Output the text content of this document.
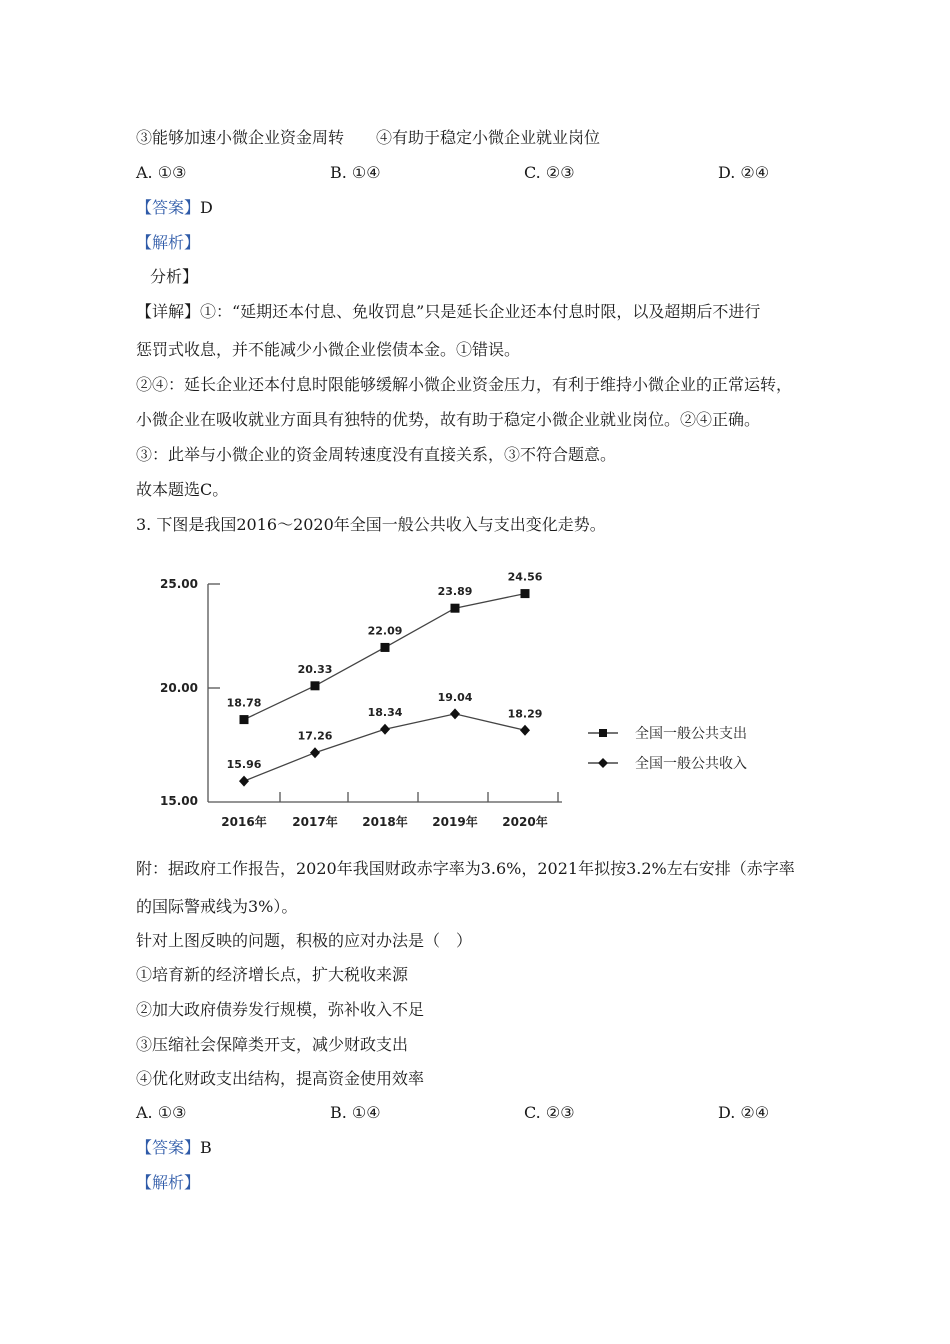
③能够加速小微企业资金周转　　④有助于稳定小微企业就业岗位
A. ①③	B. ①④	C. ②③	D. ②④
【答案】D
【解析】
分析】
【详解】①：“延期还本付息、免收罚息”只是延长企业还本付息时限，以及超期后不进行
惩罚式收息，并不能减少小微企业偿债本金。①错误。
②④：延长企业还本付息时限能够缓解小微企业资金压力，有利于维持小微企业的正常运转，
小微企业在吸收就业方面具有独特的优势，故有助于稳定小微企业就业岗位。②④正确。
③：此举与小微企业的资金周转速度没有直接关系，③不符合题意。
故本题选C。
3. 下图是我国2016～2020年全国一般公共收入与支出变化走势。
25.00
20.00
15.00
2016年 2017年 2018年 2019年 2020年
18.78
20.33
22.09
23.89
24.56
15.96
17.26
18.34
19.04
18.29
全国一般公共支出
全国一般公共收入
附：据政府工作报告，2020年我国财政赤字率为3.6%，2021年拟按3.2%左右安排（赤字率
的国际警戒线为3%）。
针对上图反映的问题，积极的应对办法是（　）
①培育新的经济增长点，扩大税收来源
②加大政府债券发行规模，弥补收入不足
③压缩社会保障类开支，减少财政支出
④优化财政支出结构，提高资金使用效率
A. ①③	B. ①④	C. ②③	D. ②④
【答案】B
【解析】
